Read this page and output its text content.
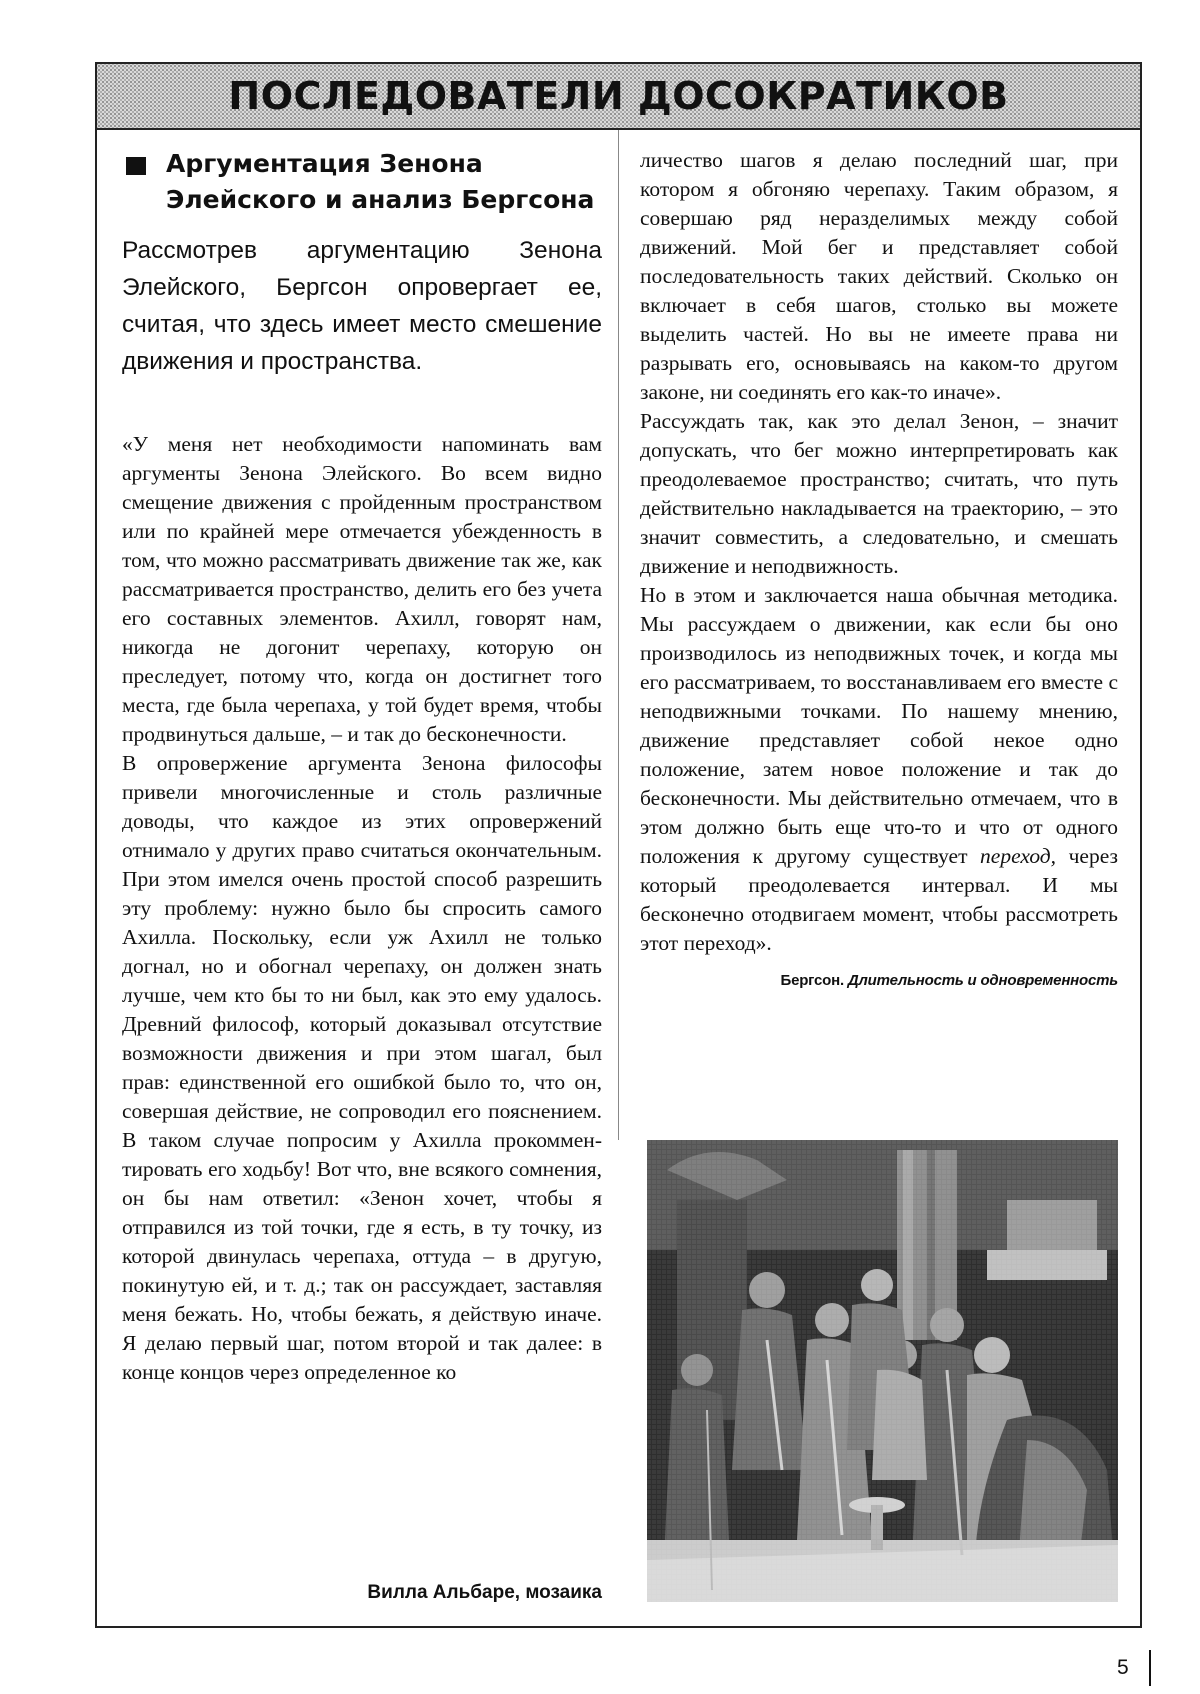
ПОСЛЕДОВАТЕЛИ ДОСОКРАТИКОВ
Аргументация Зенона
Элейского и анализ Бергсона

Рассмотрев аргументацию Зенона Элейского, Бергсон опровергает ее, считая, что здесь имеет место смешение движения и пространства.

«У меня нет необходимости напоминать вам аргументы Зенона Элейского. Во всем видно смещение движения с пройденным пространством или по крайней мере отмечается убежденность в том, что можно рассматривать движение так же, как рассматривается пространство, делить его без учета его составных элементов. Ахилл, говорят нам, никогда не догонит черепаху, которую он преследует, потому что, когда он достигнет того места, где была черепаха, у той будет время, чтобы продвинуться дальше, – и так до бесконечности.

В опровержение аргумента Зенона философы привели многочисленные и столь различные доводы, что каждое из этих опровержений отнимало у других право считаться окончательным. При этом имелся очень простой способ разрешить эту проблему: нужно было бы спросить самого Ахилла. Поскольку, если уж Ахилл не только догнал, но и обогнал черепаху, он должен знать лучше, чем кто бы то ни был, как это ему удалось. Древний философ, который доказывал отсутствие возможности движения и при этом шагал, был прав: единственной его ошибкой было то, что он, совершая действие, не сопроводил его пояснением. В таком случае попросим у Ахилла прокомментировать его ходьбу! Вот что, вне всякого сомнения, он бы нам ответил: «Зенон хочет, чтобы я отправился из той точки, где я есть, в ту точку, из которой двинулась черепаха, оттуда – в другую, покинутую ей, и т. д.; так он рассуждает, заставляя меня бежать. Но, чтобы бежать, я действую иначе. Я делаю первый шаг, потом второй и так далее: в конце концов через определенное ко

личество шагов я делаю последний шаг, при котором я обгоняю черепаху. Таким образом, я совершаю ряд неразделимых между собой движений. Мой бег и представляет собой последовательность таких действий. Сколько он включает в себя шагов, столько вы можете выделить частей. Но вы не имеете права ни разрывать его, основываясь на каком-то другом законе, ни соединять его как-то иначе».

Рассуждать так, как это делал Зенон, – значит допускать, что бег можно интерпретировать как преодолеваемое пространство; считать, что путь действительно накладывается на траекторию, – это значит совместить, а следовательно, и смешать движение и неподвижность.

Но в этом и заключается наша обычная методика. Мы рассуждаем о движении, как если бы оно производилось из неподвижных точек, и когда мы его рассматриваем, то восстанавливаем его вместе с неподвижными точками. По нашему мнению, движение представляет собой некое одно положение, затем новое положение и так до бесконечности. Мы действительно отмечаем, что в этом должно быть еще что-то и что от одного положения к другому существует переход, через который преодолевается интервал. И мы бесконечно отодвигаем момент, чтобы рассмотреть этот переход».

Бергсон. Длительность и одновременность
Вилла Альбаре, мозаика
5
